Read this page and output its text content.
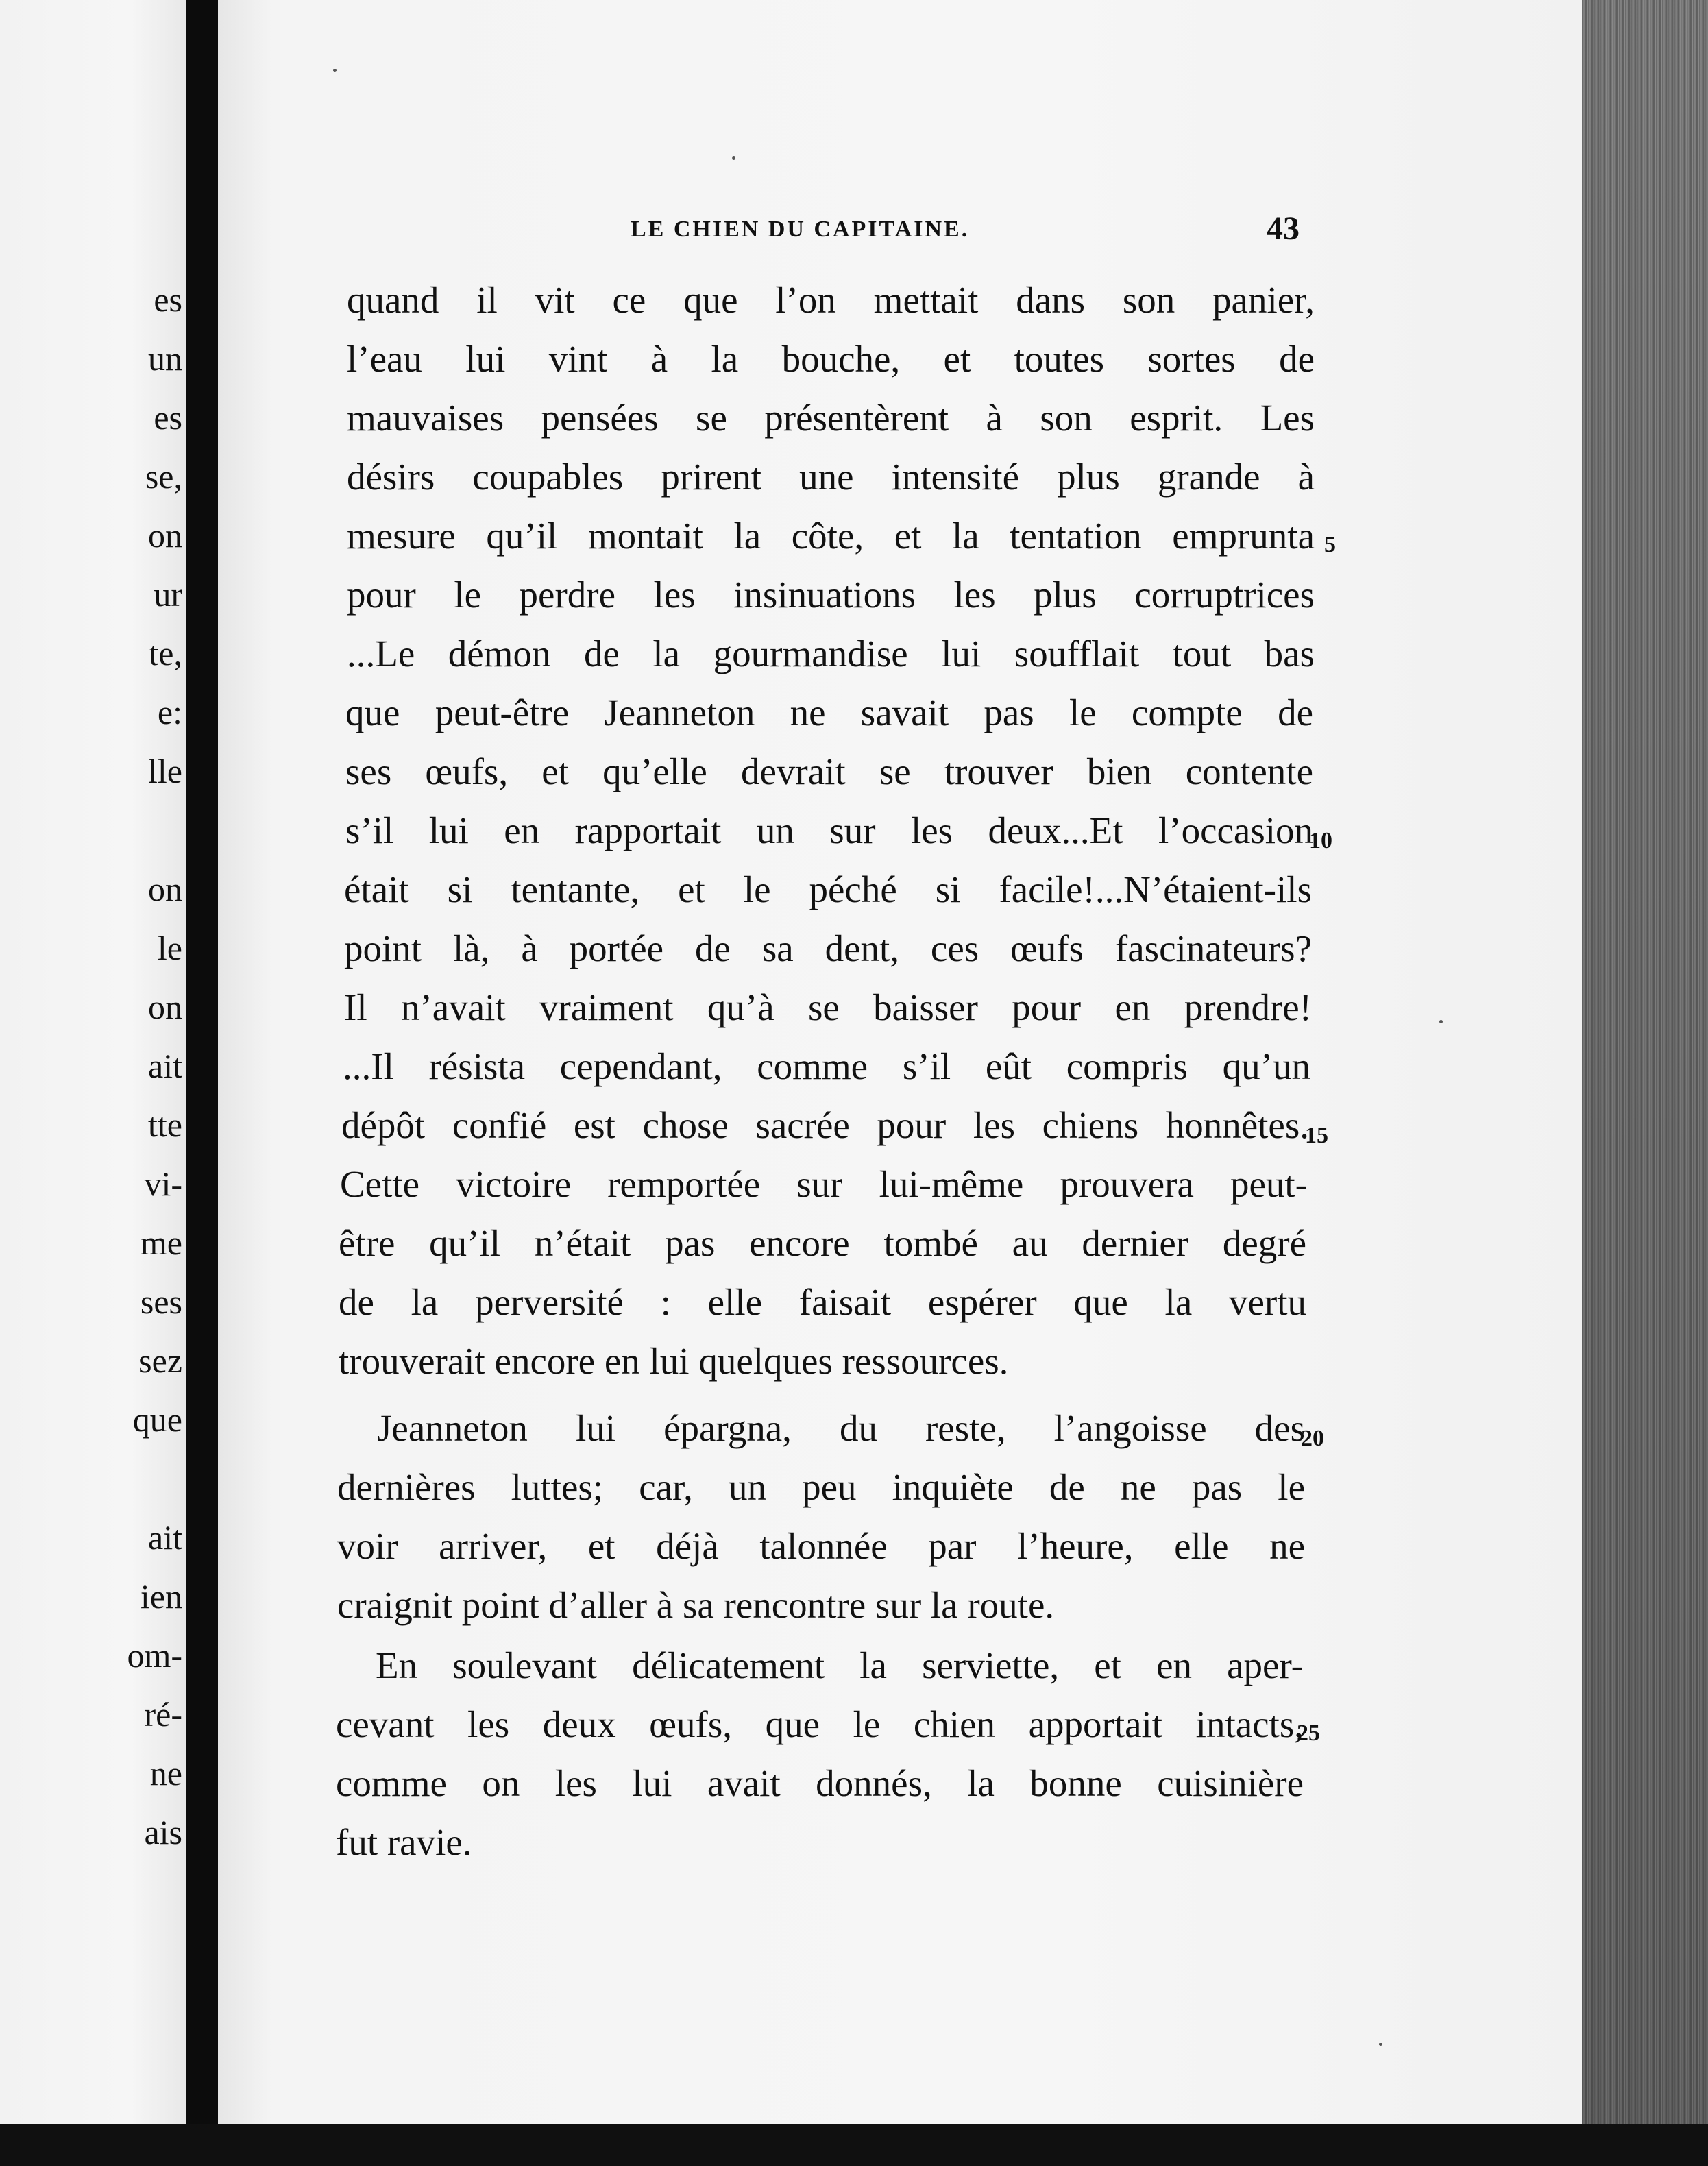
es
un
es
se,
on
ur
te,
e:
lle
on
le
on
ait
tte
vi-
me
ses
sez
que
ait
ien
om-
ré-
ne
ais
LE CHIEN DU CAPITAINE.	43
quand il vit ce que l’on mettait dans son panier,
l’eau lui vint à la bouche, et toutes sortes de
mauvaises pensées se présentèrent à son esprit. Les
désirs coupables prirent une intensité plus grande à
mesure qu’il montait la côte, et la tentation emprunta
pour le perdre les insinuations les plus corruptrices
...Le démon de la gourmandise lui soufflait tout bas
que peut-être Jeanneton ne savait pas le compte de
ses œufs, et qu’elle devrait se trouver bien contente
s’il lui en rapportait un sur les deux...Et l’occasion
était si tentante, et le péché si facile!...N’étaient-ils
point là, à portée de sa dent, ces œufs fascinateurs?
Il n’avait vraiment qu’à se baisser pour en prendre!
...Il résista cependant, comme s’il eût compris qu’un
dépôt confié est chose sacrée pour les chiens honnêtes.
Cette victoire remportée sur lui-même prouvera peut-
être qu’il n’était pas encore tombé au dernier degré
de la perversité : elle faisait espérer que la vertu
trouverait encore en lui quelques ressources.
Jeanneton lui épargna, du reste, l’angoisse des
dernières luttes; car, un peu inquiète de ne pas le
voir arriver, et déjà talonnée par l’heure, elle ne
craignit point d’aller à sa rencontre sur la route.
En soulevant délicatement la serviette, et en aper-
cevant les deux œufs, que le chien apportait intacts,
comme on les lui avait donnés, la bonne cuisinière
fut ravie.
5
10
15
20
25
